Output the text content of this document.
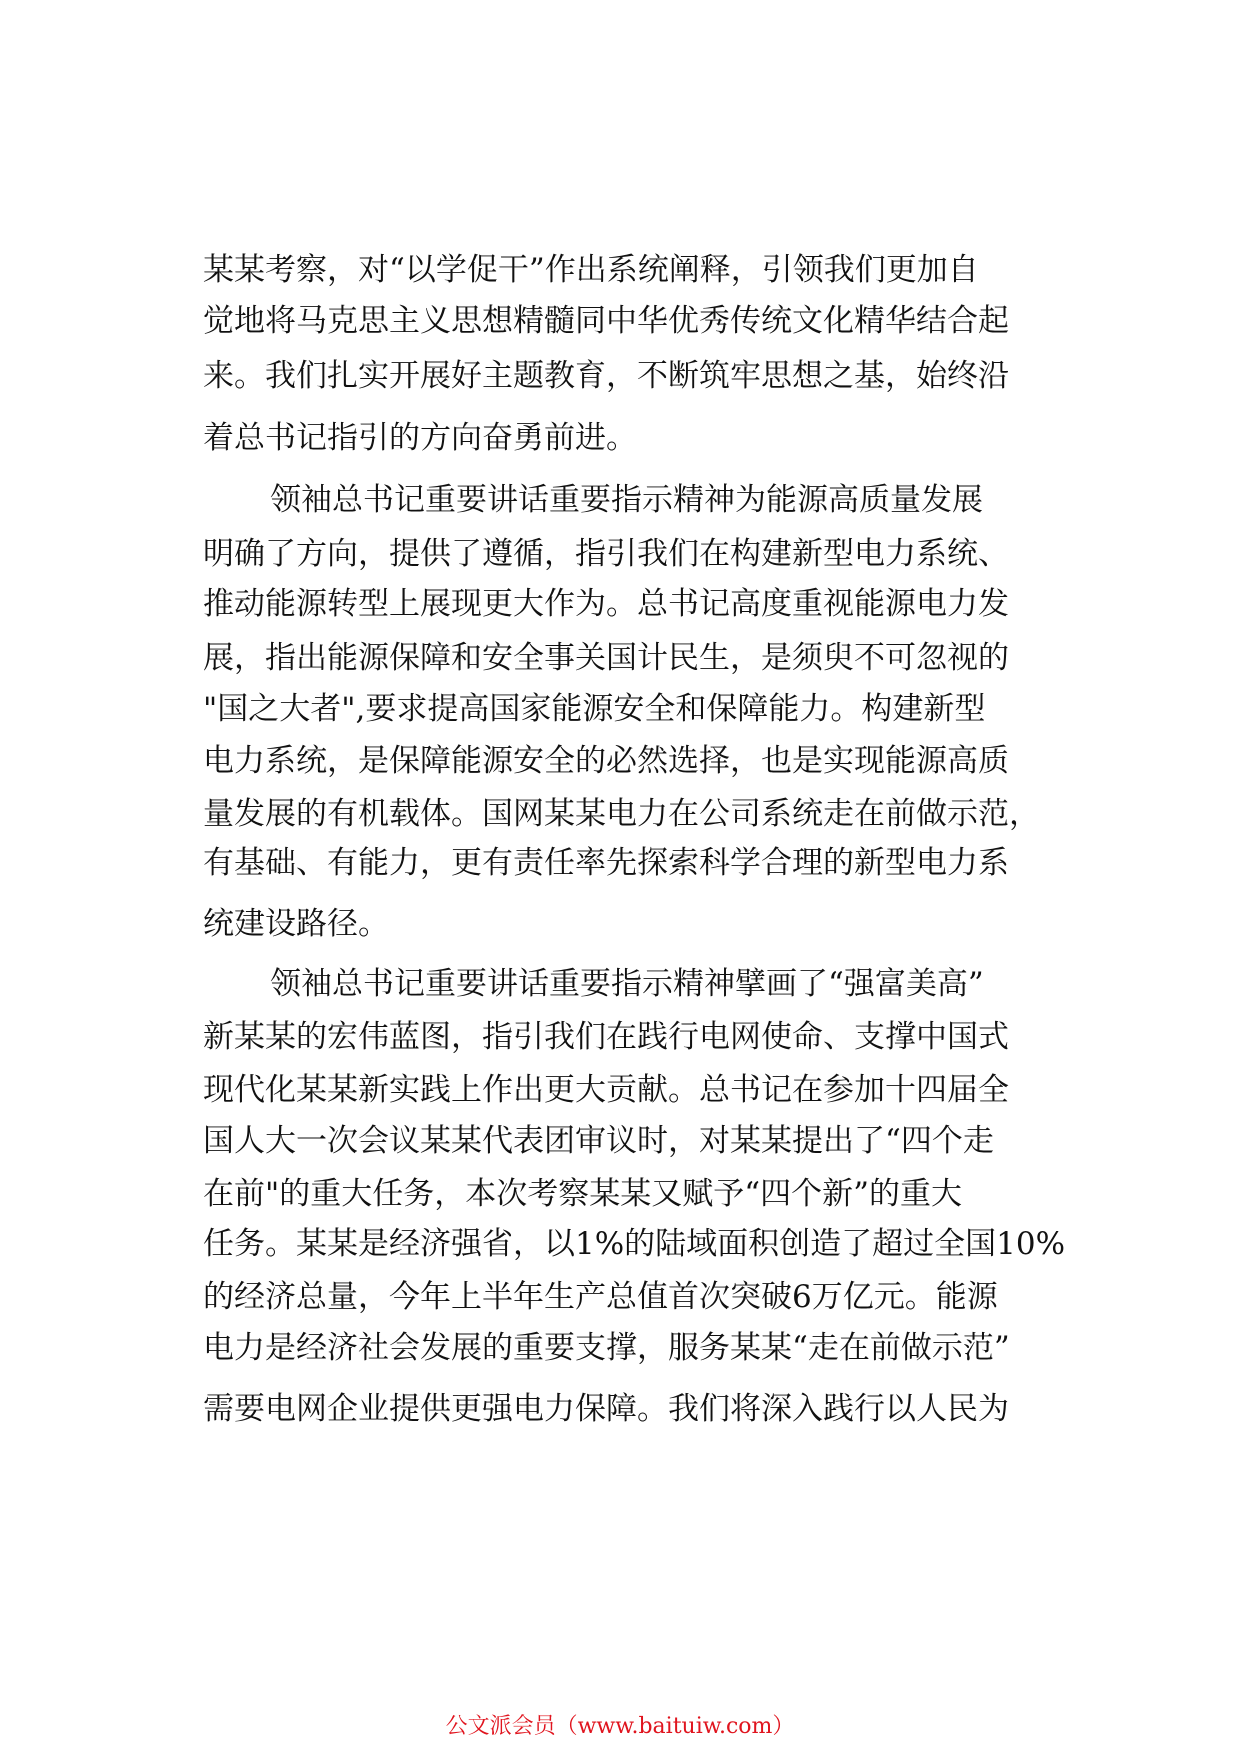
某某考察，对“以学促干”作出系统阐释，引领我们更加自
觉地将马克思主义思想精髓同中华优秀传统文化精华结合起
来。我们扎实开展好主题教育，不断筑牢思想之基，始终沿
着总书记指引的方向奋勇前进。
领袖总书记重要讲话重要指示精神为能源高质量发展
明确了方向，提供了遵循，指引我们在构建新型电力系统、
推动能源转型上展现更大作为。总书记高度重视能源电力发
展，指出能源保障和安全事关国计民生，是须臾不可忽视的
"国之大者",要求提高国家能源安全和保障能力。构建新型
电力系统，是保障能源安全的必然选择，也是实现能源高质
量发展的有机载体。国网某某电力在公司系统走在前做示范，
有基础、有能力，更有责任率先探索科学合理的新型电力系
统建设路径。
领袖总书记重要讲话重要指示精神擘画了“强富美高”
新某某的宏伟蓝图，指引我们在践行电网使命、支撑中国式
现代化某某新实践上作出更大贡献。总书记在参加十四届全
国人大一次会议某某代表团审议时，对某某提出了“四个走
在前"的重大任务，本次考察某某又赋予“四个新”的重大
任务。某某是经济强省，以1%的陆域面积创造了超过全国10%
的经济总量，今年上半年生产总值首次突破6万亿元。能源
电力是经济社会发展的重要支撑，服务某某“走在前做示范”
需要电网企业提供更强电力保障。我们将深入践行以人民为
公文派会员（www.baituiw.com）
